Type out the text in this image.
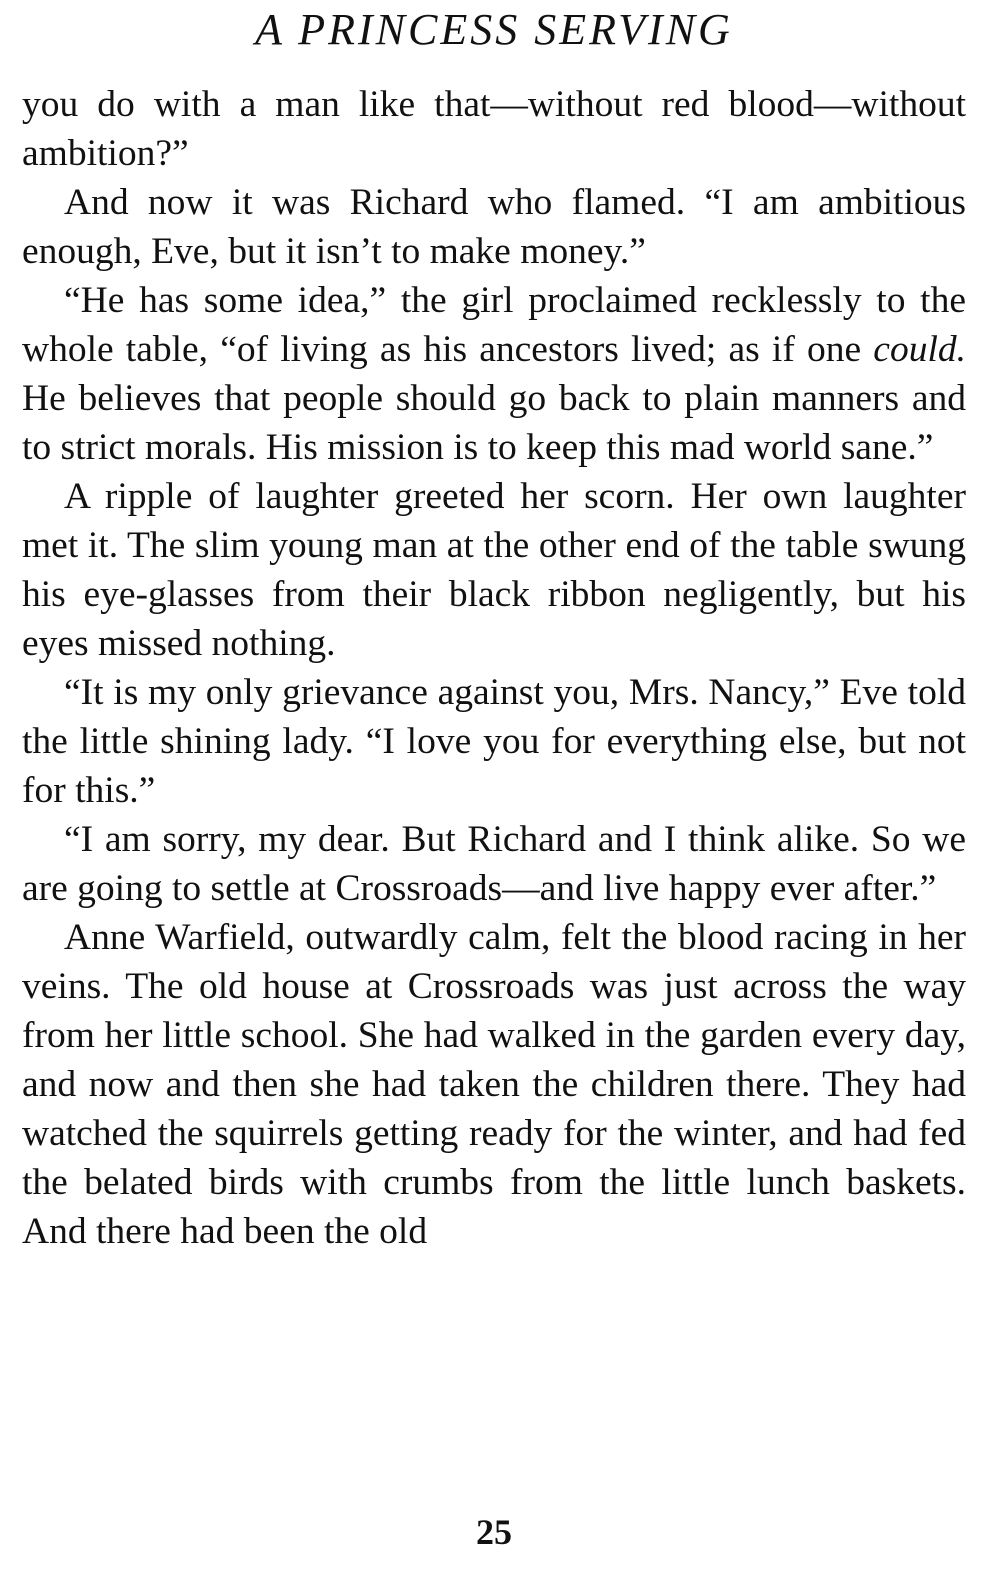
A PRINCESS SERVING

you do with a man like that—without red blood—without ambition?”

And now it was Richard who flamed. “I am ambitious enough, Eve, but it isn’t to make money.”

“He has some idea,” the girl proclaimed recklessly to the whole table, “of living as his ancestors lived; as if one could. He believes that people should go back to plain manners and to strict morals. His mission is to keep this mad world sane.”

A ripple of laughter greeted her scorn. Her own laughter met it. The slim young man at the other end of the table swung his eye-glasses from their black ribbon negligently, but his eyes missed nothing.

“It is my only grievance against you, Mrs. Nancy,” Eve told the little shining lady. “I love you for everything else, but not for this.”

“I am sorry, my dear. But Richard and I think alike. So we are going to settle at Crossroads—and live happy ever after.”

Anne Warfield, outwardly calm, felt the blood racing in her veins. The old house at Crossroads was just across the way from her little school. She had walked in the garden every day, and now and then she had taken the children there. They had watched the squirrels getting ready for the winter, and had fed the belated birds with crumbs from the little lunch baskets. And there had been the old

25
